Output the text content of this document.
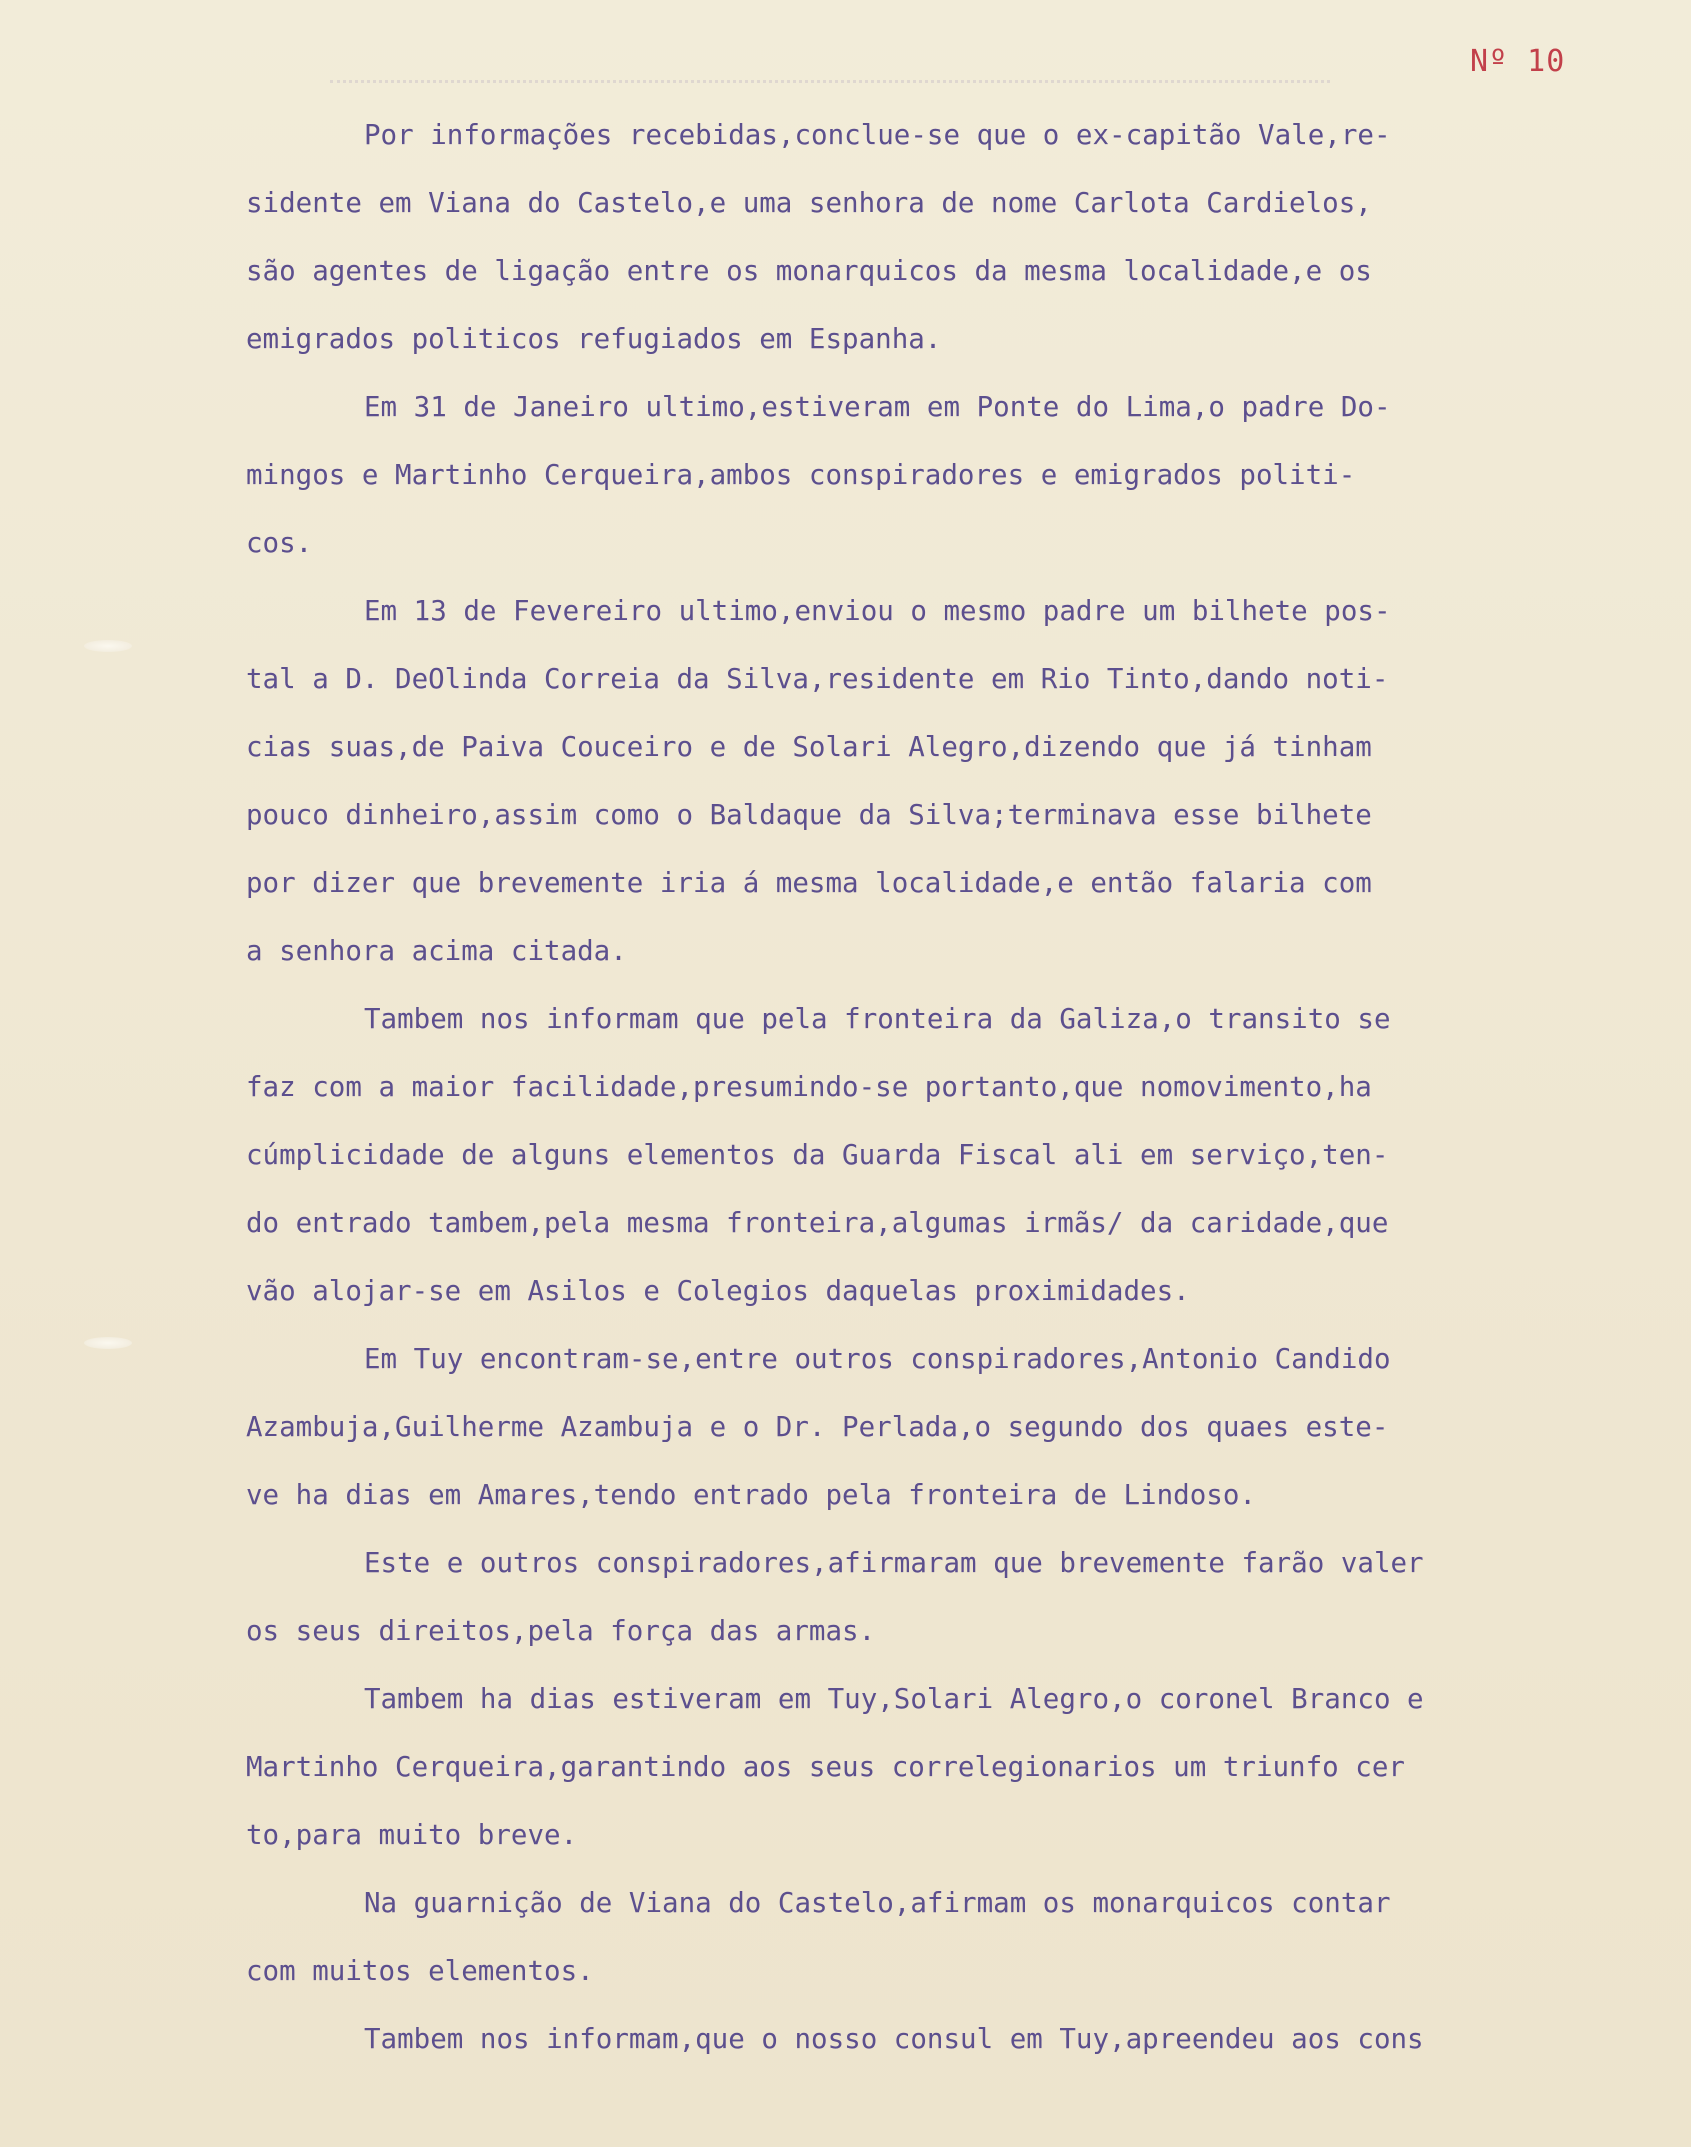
Nº 10
Por informações recebidas,conclue-se que o ex-capitão Vale,re-
sidente em Viana do Castelo,e uma senhora de nome Carlota Cardielos,
são agentes de ligação entre os monarquicos da mesma localidade,e os
emigrados politicos refugiados em Espanha.
Em 31 de Janeiro ultimo,estiveram em Ponte do Lima,o padre Do-
mingos e Martinho Cerqueira,ambos conspiradores e emigrados politi-
cos.
Em 13 de Fevereiro ultimo,enviou o mesmo padre um bilhete pos-
tal a D. DeOlinda Correia da Silva,residente em Rio Tinto,dando noti-
cias suas,de Paiva Couceiro e de Solari Alegro,dizendo que já tinham
pouco dinheiro,assim como o Baldaque da Silva;terminava esse bilhete
por dizer que brevemente iria á mesma localidade,e então falaria com
a senhora acima citada.
Tambem nos informam que pela fronteira da Galiza,o transito se
faz com a maior facilidade,presumindo-se portanto,que nomovimento,ha
cúmplicidade de alguns elementos da Guarda Fiscal ali em serviço,ten-
do entrado tambem,pela mesma fronteira,algumas irmãs/ da caridade,que
vão alojar-se em Asilos e Colegios daquelas proximidades.
Em Tuy encontram-se,entre outros conspiradores,Antonio Candido
Azambuja,Guilherme Azambuja e o Dr. Perlada,o segundo dos quaes este-
ve ha dias em Amares,tendo entrado pela fronteira de Lindoso.
Este e outros conspiradores,afirmaram que brevemente farão valer
os seus direitos,pela força das armas.
Tambem ha dias estiveram em Tuy,Solari Alegro,o coronel Branco e
Martinho Cerqueira,garantindo aos seus correlegionarios um triunfo cer
to,para muito breve.
Na guarnição de Viana do Castelo,afirmam os monarquicos contar
com muitos elementos.
Tambem nos informam,que o nosso consul em Tuy,apreendeu aos cons
